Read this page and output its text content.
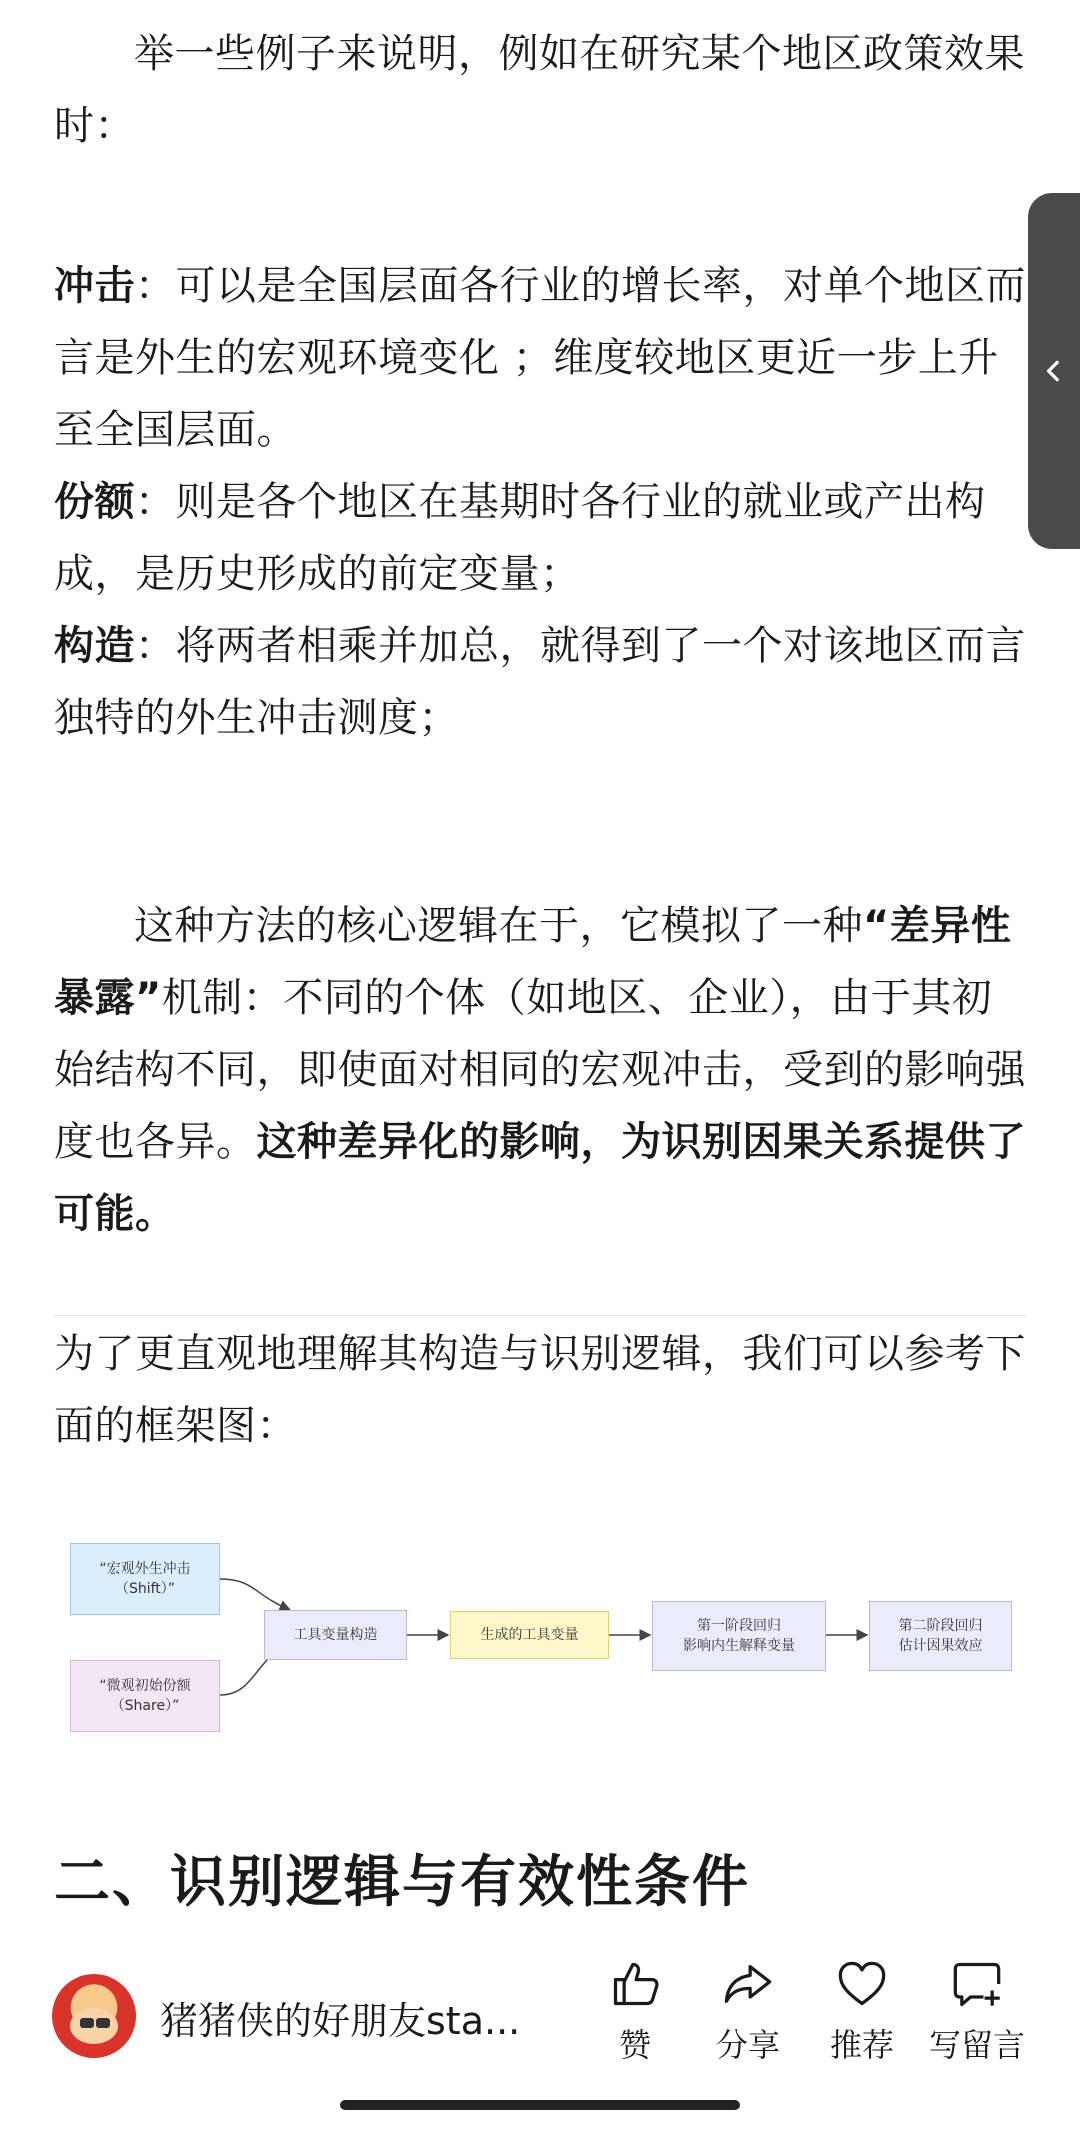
举一些例子来说明，例如在研究某个地区政策效果时：

冲击：可以是全国层面各行业的增长率，对单个地区而言是外生的宏观环境变化 ；维度较地区更近一步上升至全国层面。

份额：则是各个地区在基期时各行业的就业或产出构成，是历史形成的前定变量；

构造：将两者相乘并加总，就得到了一个对该地区而言独特的外生冲击测度；

这种方法的核心逻辑在于，它模拟了一种“差异性暴露”机制：不同的个体（如地区、企业），由于其初始结构不同，即使面对相同的宏观冲击，受到的影响强度也各异。这种差异化的影响，为识别因果关系提供了可能。

为了更直观地理解其构造与识别逻辑，我们可以参考下面的框架图：

“宏观外生冲击（Shift）”
“微观初始份额（Share）”
工具变量构造	生成的工具变量
第一阶段回归
影响内生解释变量
第二阶段回归
估计因果效应
二、识别逻辑与有效性条件
猪猪侠的好朋友sta...
赞 分享 推荐 写留言
